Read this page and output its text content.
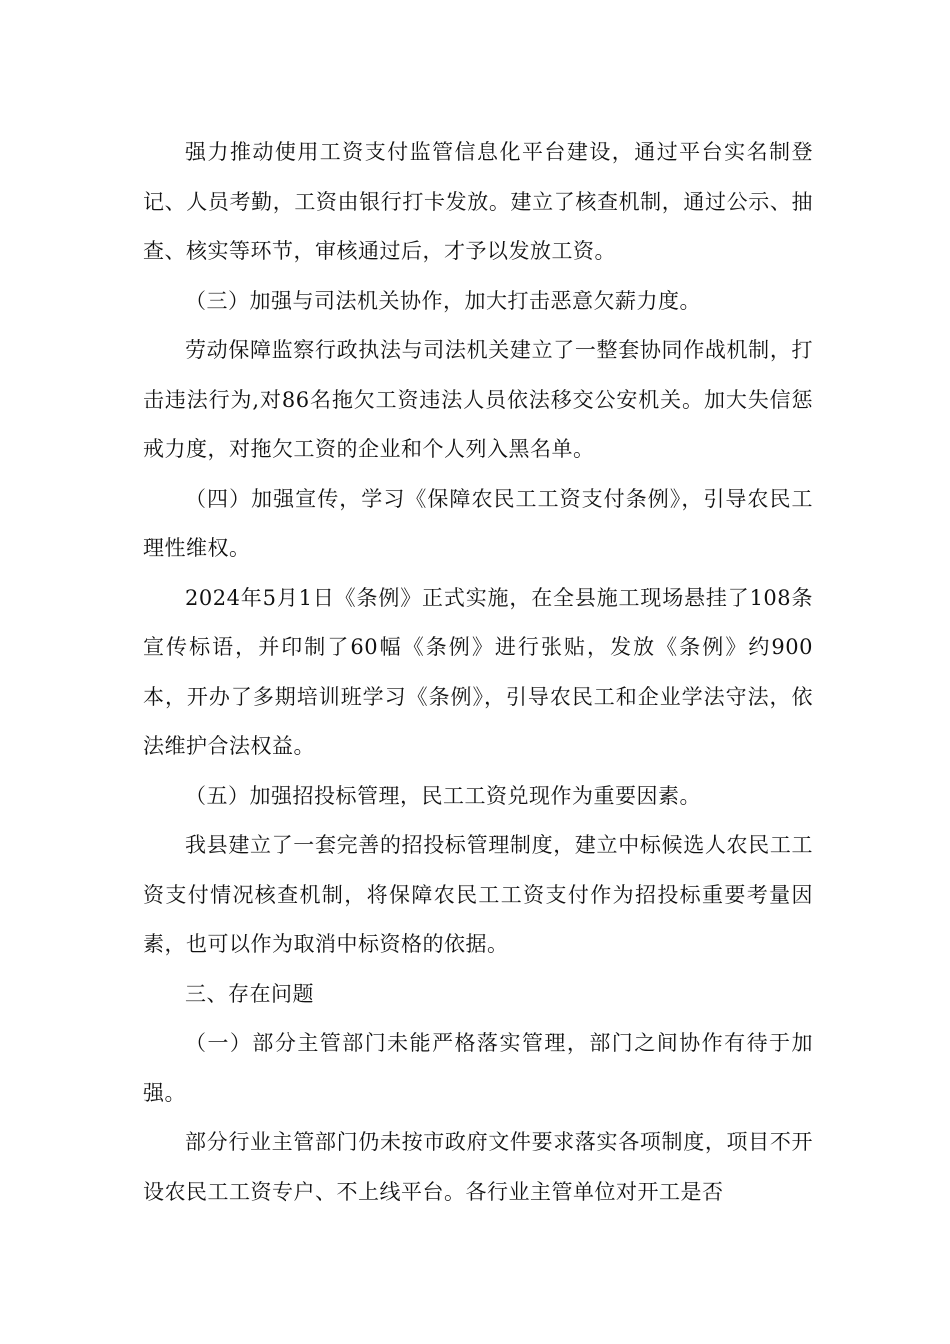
强力推动使用工资支付监管信息化平台建设，通过平台实名制登记、人员考勤，工资由银行打卡发放。建立了核查机制，通过公示、抽查、核实等环节，审核通过后，才予以发放工资。

（三）加强与司法机关协作，加大打击恶意欠薪力度。

劳动保障监察行政执法与司法机关建立了一整套协同作战机制，打击违法行为,对86名拖欠工资违法人员依法移交公安机关。加大失信惩戒力度，对拖欠工资的企业和个人列入黑名单。

（四）加强宣传，学习《保障农民工工资支付条例》，引导农民工理性维权。

2024年5月1日《条例》正式实施，在全县施工现场悬挂了108条宣传标语，并印制了60幅《条例》进行张贴，发放《条例》约900本，开办了多期培训班学习《条例》，引导农民工和企业学法守法，依法维护合法权益。

（五）加强招投标管理，民工工资兑现作为重要因素。

我县建立了一套完善的招投标管理制度，建立中标候选人农民工工资支付情况核查机制，将保障农民工工资支付作为招投标重要考量因素，也可以作为取消中标资格的依据。

三、存在问题

（一）部分主管部门未能严格落实管理，部门之间协作有待于加强。

部分行业主管部门仍未按市政府文件要求落实各项制度，项目不开设农民工工资专户、不上线平台。各行业主管单位对开工是否
